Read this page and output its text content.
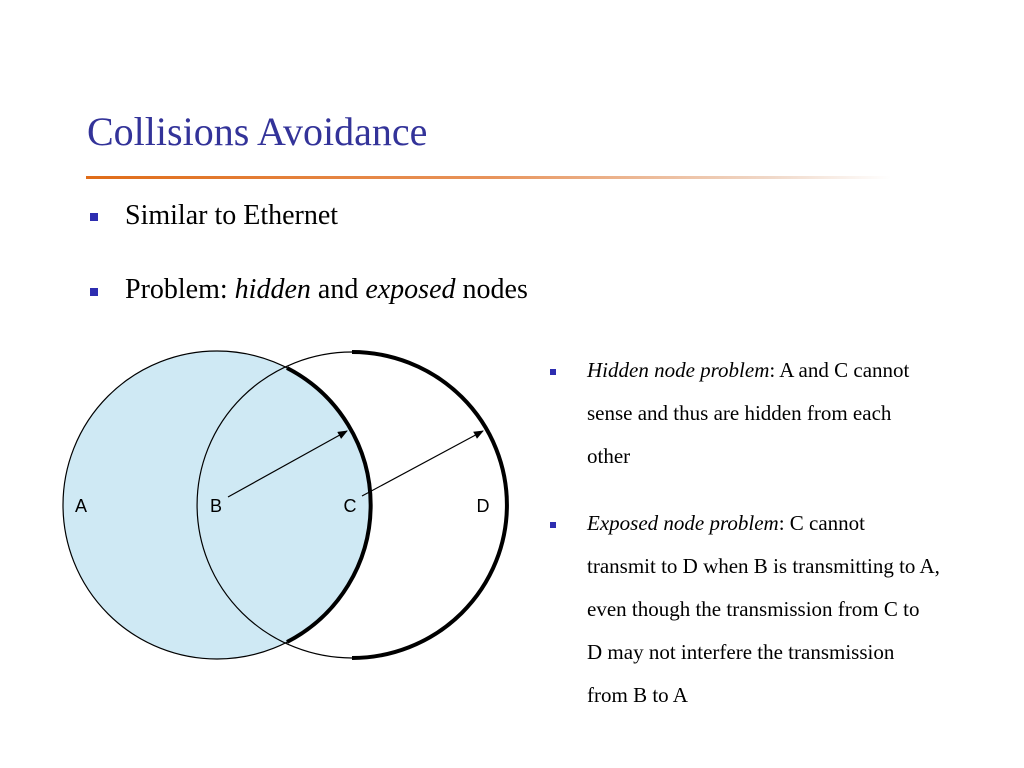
Collisions Avoidance
Similar to Ethernet
Problem: hidden and exposed nodes
A	B	C	D
Hidden node problem: A and C cannot
sense and thus are hidden from each
other
Exposed node problem: C cannot
transmit to D when B is transmitting to A,
even though the transmission from C to
D may not interfere the transmission
from B to A
